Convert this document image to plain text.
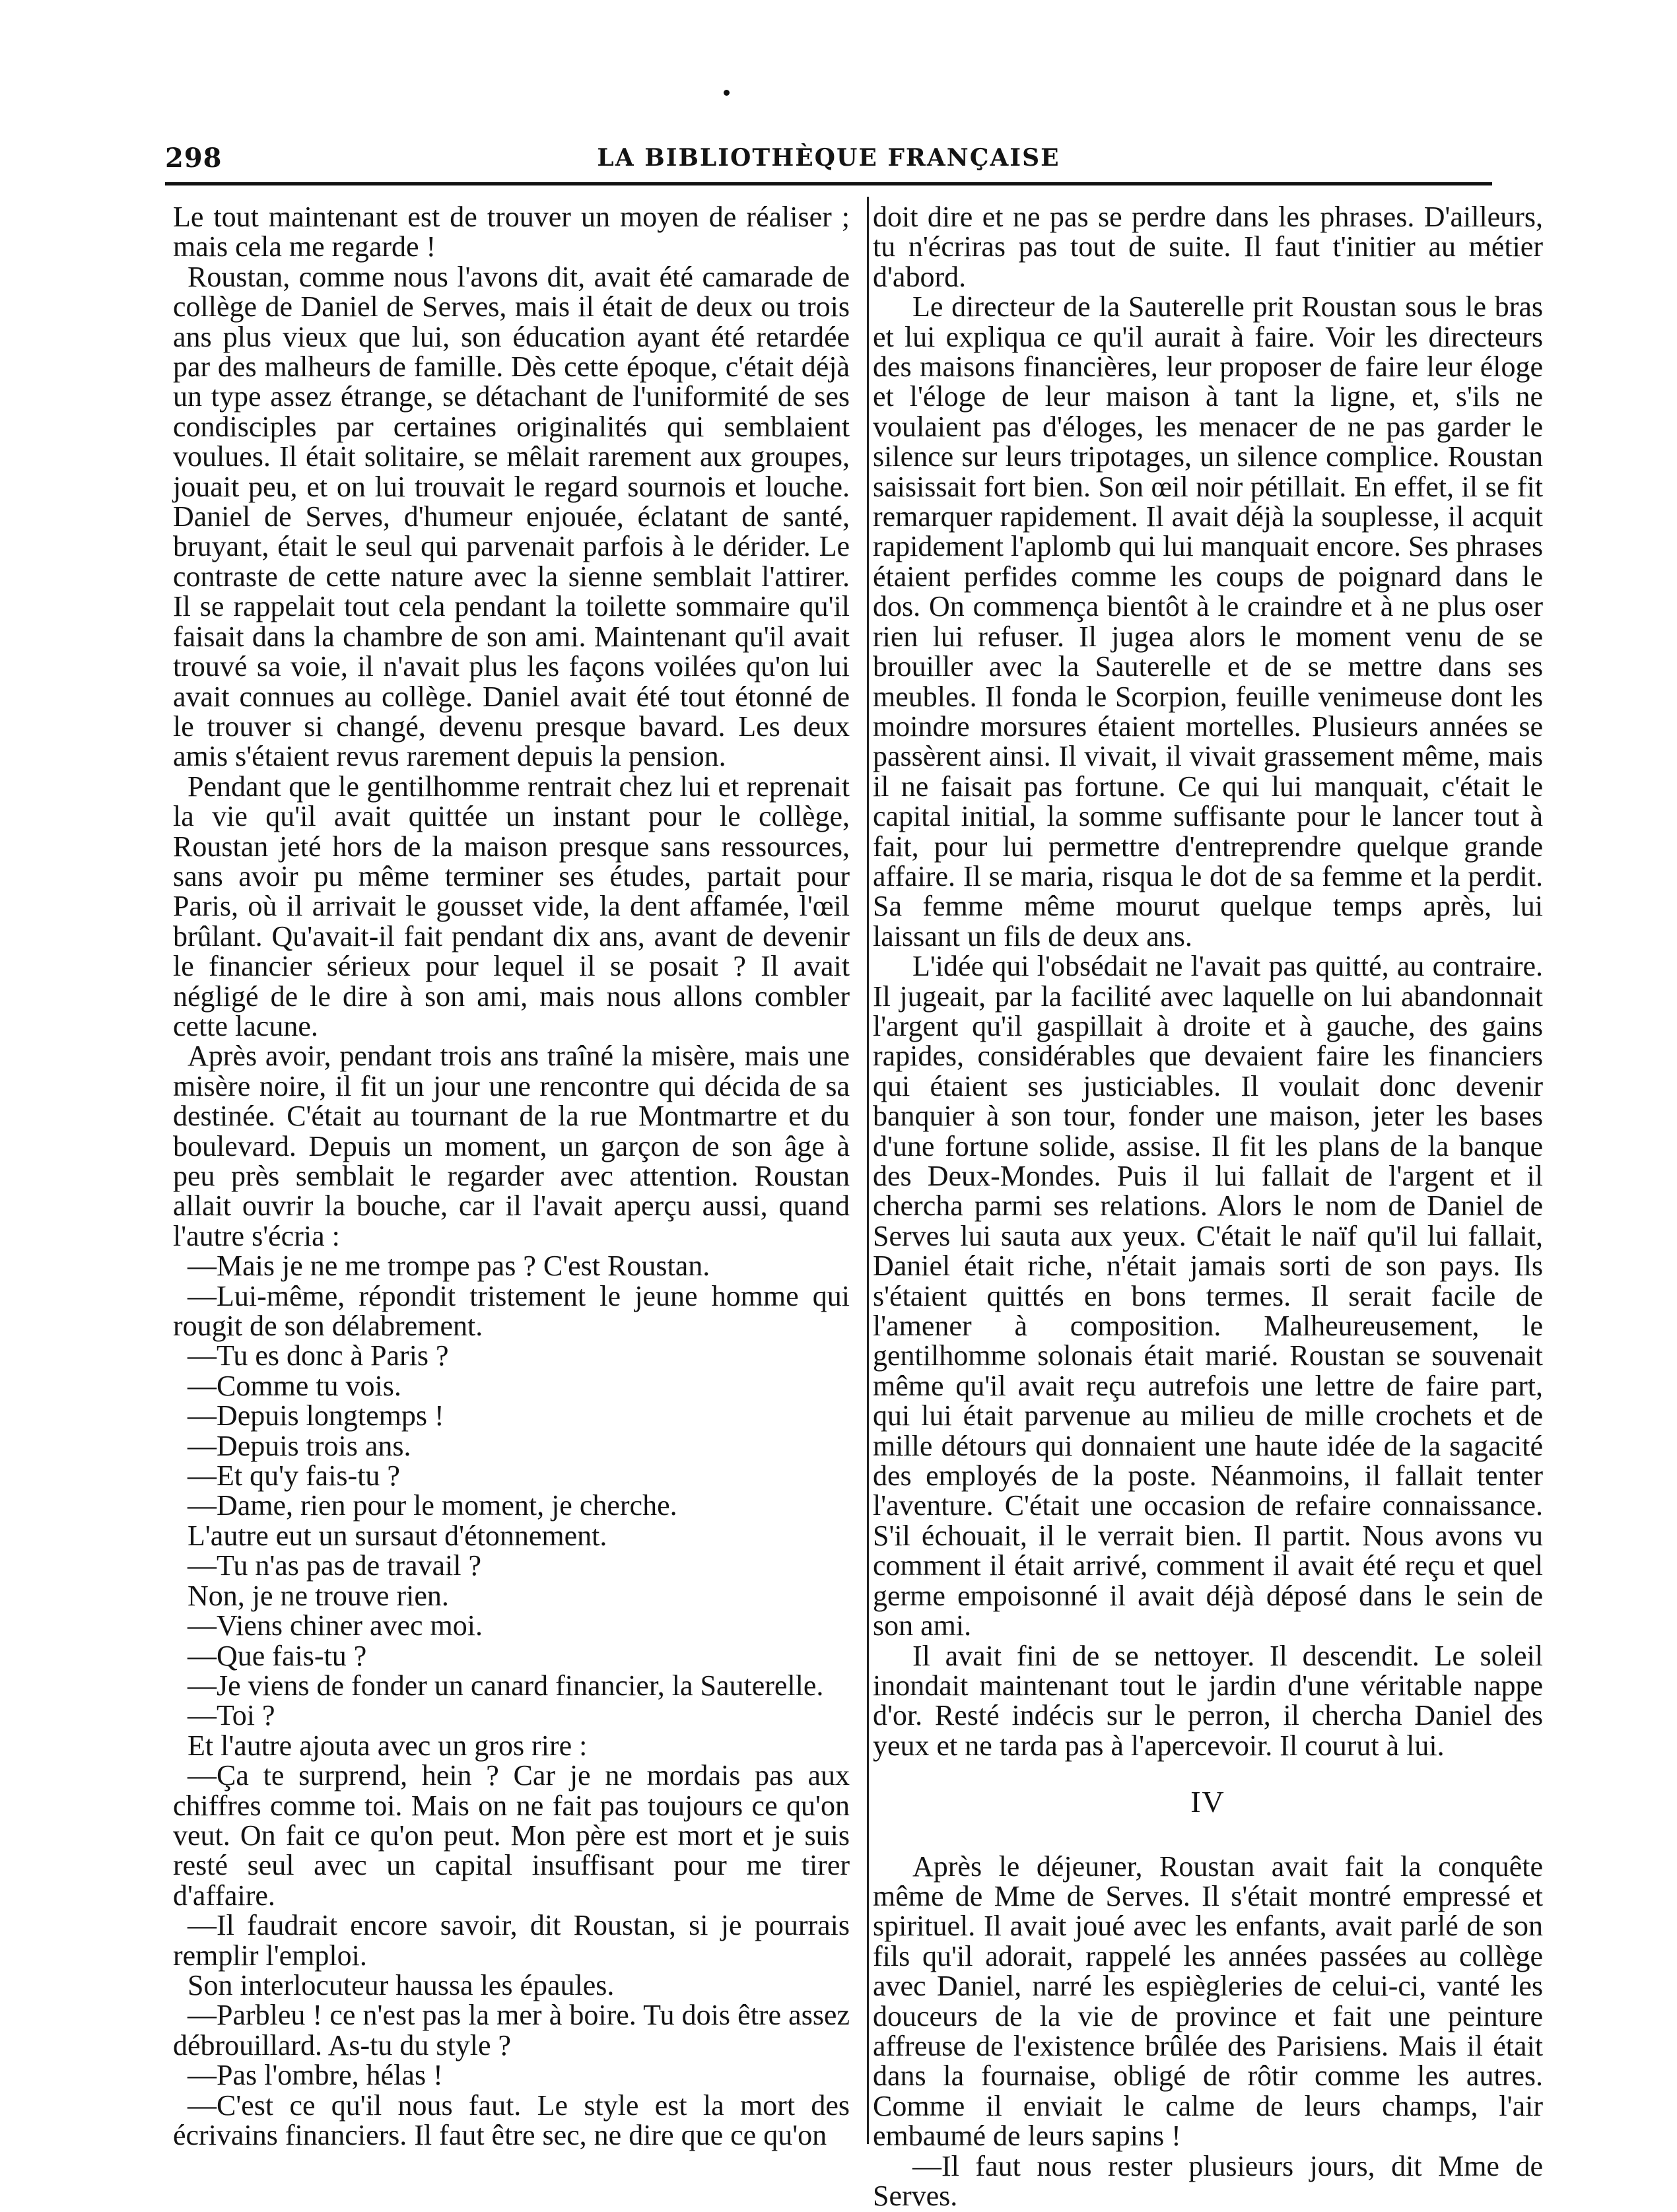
298	LA BIBLIOTHÈQUE FRANÇAISE

Le tout maintenant est de trouver un moyen de réaliser ; mais cela me regarde !

Roustan, comme nous l'avons dit, avait été camarade de collège de Daniel de Serves, mais il était de deux ou trois ans plus vieux que lui, son éducation ayant été retardée par des malheurs de famille. Dès cette époque, c'était déjà un type assez étrange, se détachant de l'uniformité de ses condisciples par certaines originalités qui semblaient voulues. Il était solitaire, se mêlait rarement aux groupes, jouait peu, et on lui trouvait le regard sournois et louche. Daniel de Serves, d'humeur enjouée, éclatant de santé, bruyant, était le seul qui parvenait parfois à le dérider. Le contraste de cette nature avec la sienne semblait l'attirer. Il se rappelait tout cela pendant la toilette sommaire qu'il faisait dans la chambre de son ami. Maintenant qu'il avait trouvé sa voie, il n'avait plus les façons voilées qu'on lui avait connues au collège. Daniel avait été tout étonné de le trouver si changé, devenu presque bavard. Les deux amis s'étaient revus rarement depuis la pension.

Pendant que le gentilhomme rentrait chez lui et reprenait la vie qu'il avait quittée un instant pour le collège, Roustan jeté hors de la maison presque sans ressources, sans avoir pu même terminer ses études, partait pour Paris, où il arrivait le gousset vide, la dent affamée, l'œil brûlant. Qu'avait-il fait pendant dix ans, avant de devenir le financier sérieux pour lequel il se posait ? Il avait négligé de le dire à son ami, mais nous allons combler cette lacune.

Après avoir, pendant trois ans traîné la misère, mais une misère noire, il fit un jour une rencontre qui décida de sa destinée. C'était au tournant de la rue Montmartre et du boulevard. Depuis un moment, un garçon de son âge à peu près semblait le regarder avec attention. Roustan allait ouvrir la bouche, car il l'avait aperçu aussi, quand l'autre s'écria :

—Mais je ne me trompe pas ? C'est Roustan.

—Lui-même, répondit tristement le jeune homme qui rougit de son délabrement.

—Tu es donc à Paris ?

—Comme tu vois.

—Depuis longtemps !

—Depuis trois ans.

—Et qu'y fais-tu ?

—Dame, rien pour le moment, je cherche.

L'autre eut un sursaut d'étonnement.

—Tu n'as pas de travail ?

Non, je ne trouve rien.

—Viens chiner avec moi.

—Que fais-tu ?

—Je viens de fonder un canard financier, la Sauterelle.

—Toi ?

Et l'autre ajouta avec un gros rire :

—Ça te surprend, hein ? Car je ne mordais pas aux chiffres comme toi. Mais on ne fait pas toujours ce qu'on veut. On fait ce qu'on peut. Mon père est mort et je suis resté seul avec un capital insuffisant pour me tirer d'affaire.

—Il faudrait encore savoir, dit Roustan, si je pourrais remplir l'emploi.

Son interlocuteur haussa les épaules.

—Parbleu ! ce n'est pas la mer à boire. Tu dois être assez débrouillard. As-tu du style ?

—Pas l'ombre, hélas !

—C'est ce qu'il nous faut. Le style est la mort des écrivains financiers. Il faut être sec, ne dire que ce qu'on

doit dire et ne pas se perdre dans les phrases. D'ailleurs, tu n'écriras pas tout de suite. Il faut t'initier au métier d'abord.

Le directeur de la Sauterelle prit Roustan sous le bras et lui expliqua ce qu'il aurait à faire. Voir les directeurs des maisons financières, leur proposer de faire leur éloge et l'éloge de leur maison à tant la ligne, et, s'ils ne voulaient pas d'éloges, les menacer de ne pas garder le silence sur leurs tripotages, un silence complice. Roustan saisissait fort bien. Son œil noir pétillait. En effet, il se fit remarquer rapidement. Il avait déjà la souplesse, il acquit rapidement l'aplomb qui lui manquait encore. Ses phrases étaient perfides comme les coups de poignard dans le dos. On commença bientôt à le craindre et à ne plus oser rien lui refuser. Il jugea alors le moment venu de se brouiller avec la Sauterelle et de se mettre dans ses meubles. Il fonda le Scorpion, feuille venimeuse dont les moindre morsures étaient mortelles. Plusieurs années se passèrent ainsi. Il vivait, il vivait grassement même, mais il ne faisait pas fortune. Ce qui lui manquait, c'était le capital initial, la somme suffisante pour le lancer tout à fait, pour lui permettre d'entreprendre quelque grande affaire. Il se maria, risqua le dot de sa femme et la perdit. Sa femme même mourut quelque temps après, lui laissant un fils de deux ans.

L'idée qui l'obsédait ne l'avait pas quitté, au contraire. Il jugeait, par la facilité avec laquelle on lui abandonnait l'argent qu'il gaspillait à droite et à gauche, des gains rapides, considérables que devaient faire les financiers qui étaient ses justiciables. Il voulait donc devenir banquier à son tour, fonder une maison, jeter les bases d'une fortune solide, assise. Il fit les plans de la banque des Deux-Mondes. Puis il lui fallait de l'argent et il chercha parmi ses relations. Alors le nom de Daniel de Serves lui sauta aux yeux. C'était le naïf qu'il lui fallait, Daniel était riche, n'était jamais sorti de son pays. Ils s'étaient quittés en bons termes. Il serait facile de l'amener à composition. Malheureusement, le gentilhomme solonais était marié. Roustan se souvenait même qu'il avait reçu autrefois une lettre de faire part, qui lui était parvenue au milieu de mille crochets et de mille détours qui donnaient une haute idée de la sagacité des employés de la poste. Néanmoins, il fallait tenter l'aventure. C'était une occasion de refaire connaissance. S'il échouait, il le verrait bien. Il partit. Nous avons vu comment il était arrivé, comment il avait été reçu et quel germe empoisonné il avait déjà déposé dans le sein de son ami.

Il avait fini de se nettoyer. Il descendit. Le soleil inondait maintenant tout le jardin d'une véritable nappe d'or. Resté indécis sur le perron, il chercha Daniel des yeux et ne tarda pas à l'apercevoir. Il courut à lui.

IV

Après le déjeuner, Roustan avait fait la conquête même de Mme de Serves. Il s'était montré empressé et spirituel. Il avait joué avec les enfants, avait parlé de son fils qu'il adorait, rappelé les années passées au collège avec Daniel, narré les espiègleries de celui-ci, vanté les douceurs de la vie de province et fait une peinture affreuse de l'existence brûlée des Parisiens. Mais il était dans la fournaise, obligé de rôtir comme les autres. Comme il enviait le calme de leurs champs, l'air embaumé de leurs sapins !

—Il faut nous rester plusieurs jours, dit Mme de Serves.
